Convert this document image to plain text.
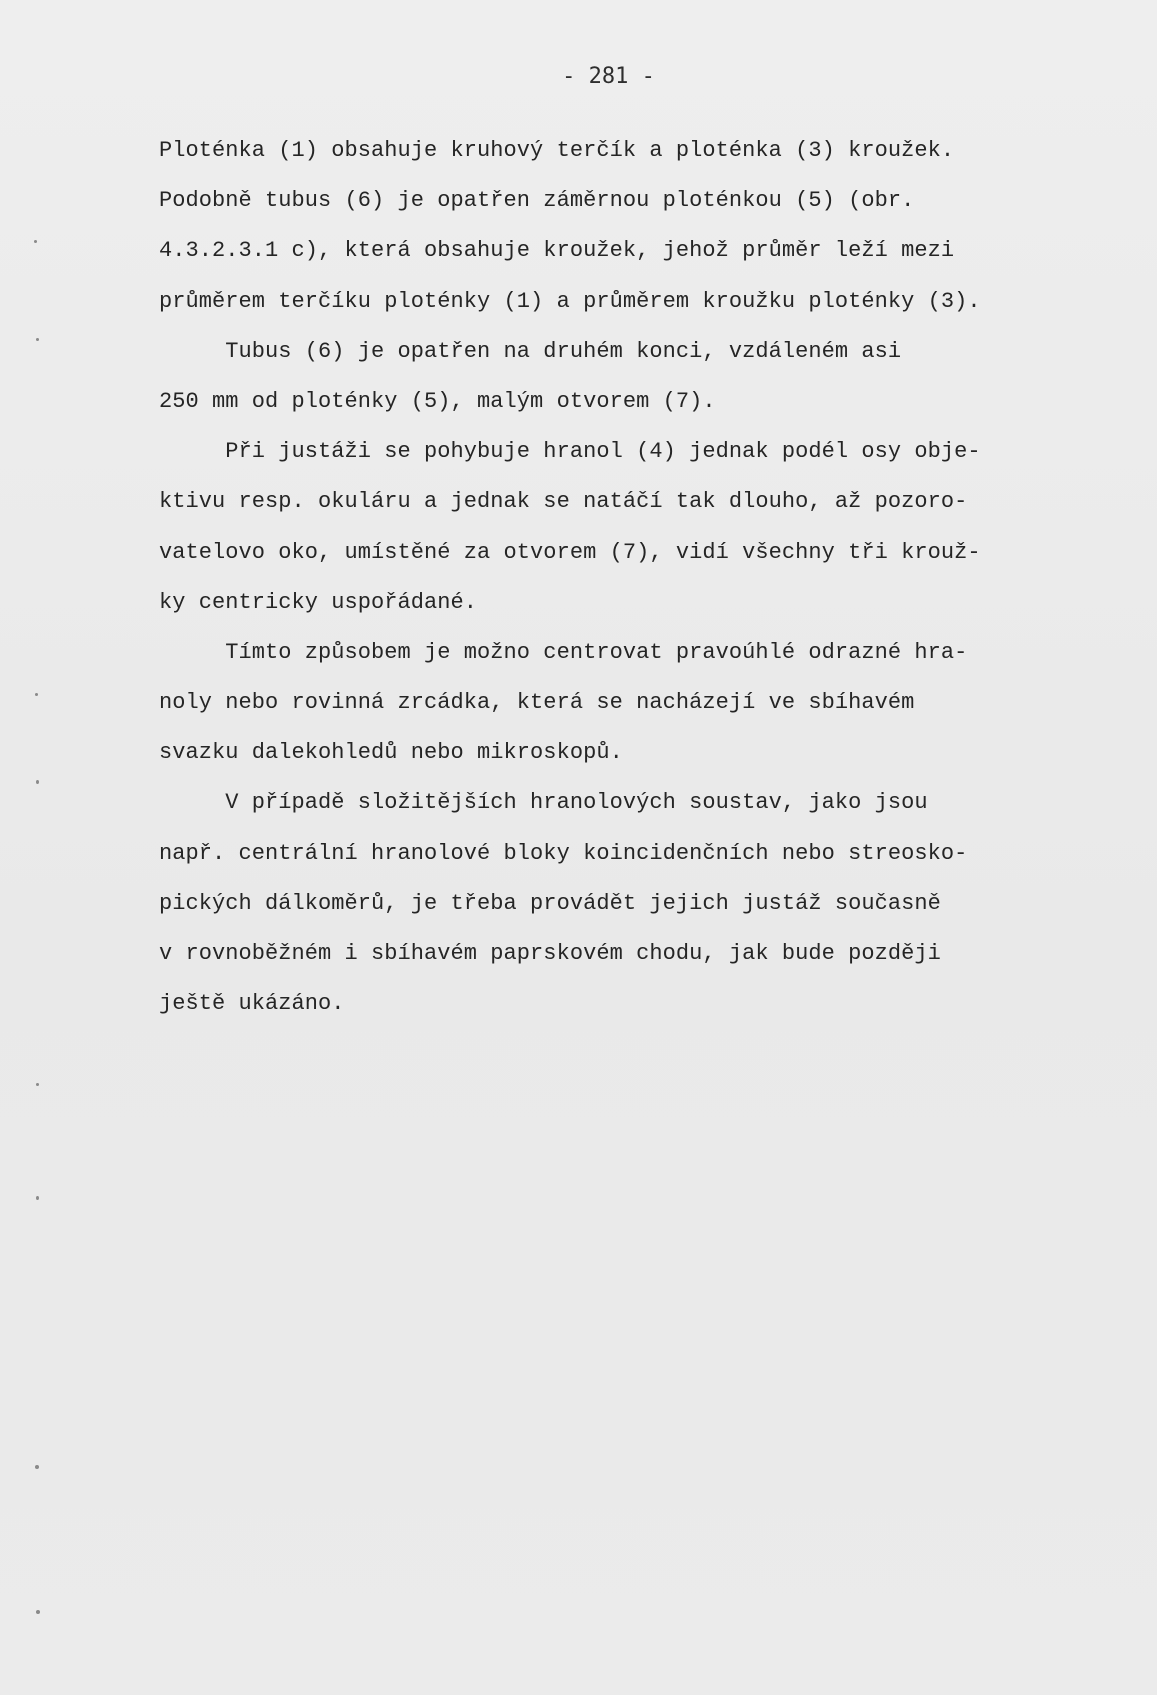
- 281 -
Ploténka (1) obsahuje kruhový terčík a ploténka (3) kroužek.
Podobně tubus (6) je opatřen záměrnou ploténkou (5) (obr.
4.3.2.3.1 c), která obsahuje kroužek, jehož průměr leží mezi
průměrem terčíku ploténky (1) a průměrem kroužku ploténky (3).
Tubus (6) je opatřen na druhém konci, vzdáleném asi
250 mm od ploténky (5), malým otvorem (7).
Při justáži se pohybuje hranol (4) jednak podél osy obje-
ktivu resp. okuláru a jednak se natáčí tak dlouho, až pozoro-
vatelovo oko, umístěné za otvorem (7), vidí všechny tři krouž-
ky centricky uspořádané.
Tímto způsobem je možno centrovat pravoúhlé odrazné hra-
noly nebo rovinná zrcádka, která se nacházejí ve sbíhavém
svazku dalekohledů nebo mikroskopů.
V případě složitějších hranolových soustav, jako jsou
např. centrální hranolové bloky koincidenčních nebo streosko-
pických dálkoměrů, je třeba provádět jejich justáž současně
v rovnoběžném i sbíhavém paprskovém chodu, jak bude později
ještě ukázáno.
